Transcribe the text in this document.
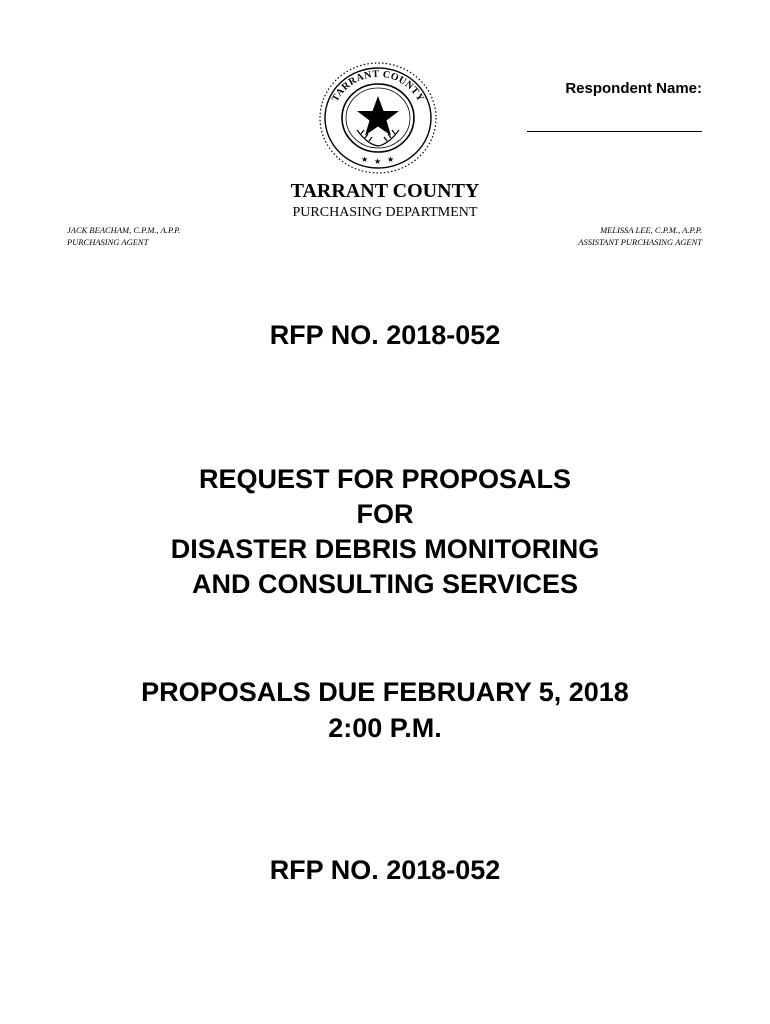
TARRANT COUNTY
★ ★ ★
Respondent Name:
TARRANT COUNTY
PURCHASING DEPARTMENT
JACK BEACHAM, C.P.M., A.P.P.
PURCHASING AGENT
MELISSA LEE, C.P.M., A.P.P.
ASSISTANT PURCHASING AGENT
RFP NO. 2018-052
REQUEST FOR PROPOSALS
FOR
DISASTER DEBRIS MONITORING
AND CONSULTING SERVICES
PROPOSALS DUE FEBRUARY 5, 2018
2:00 P.M.
RFP NO. 2018-052
